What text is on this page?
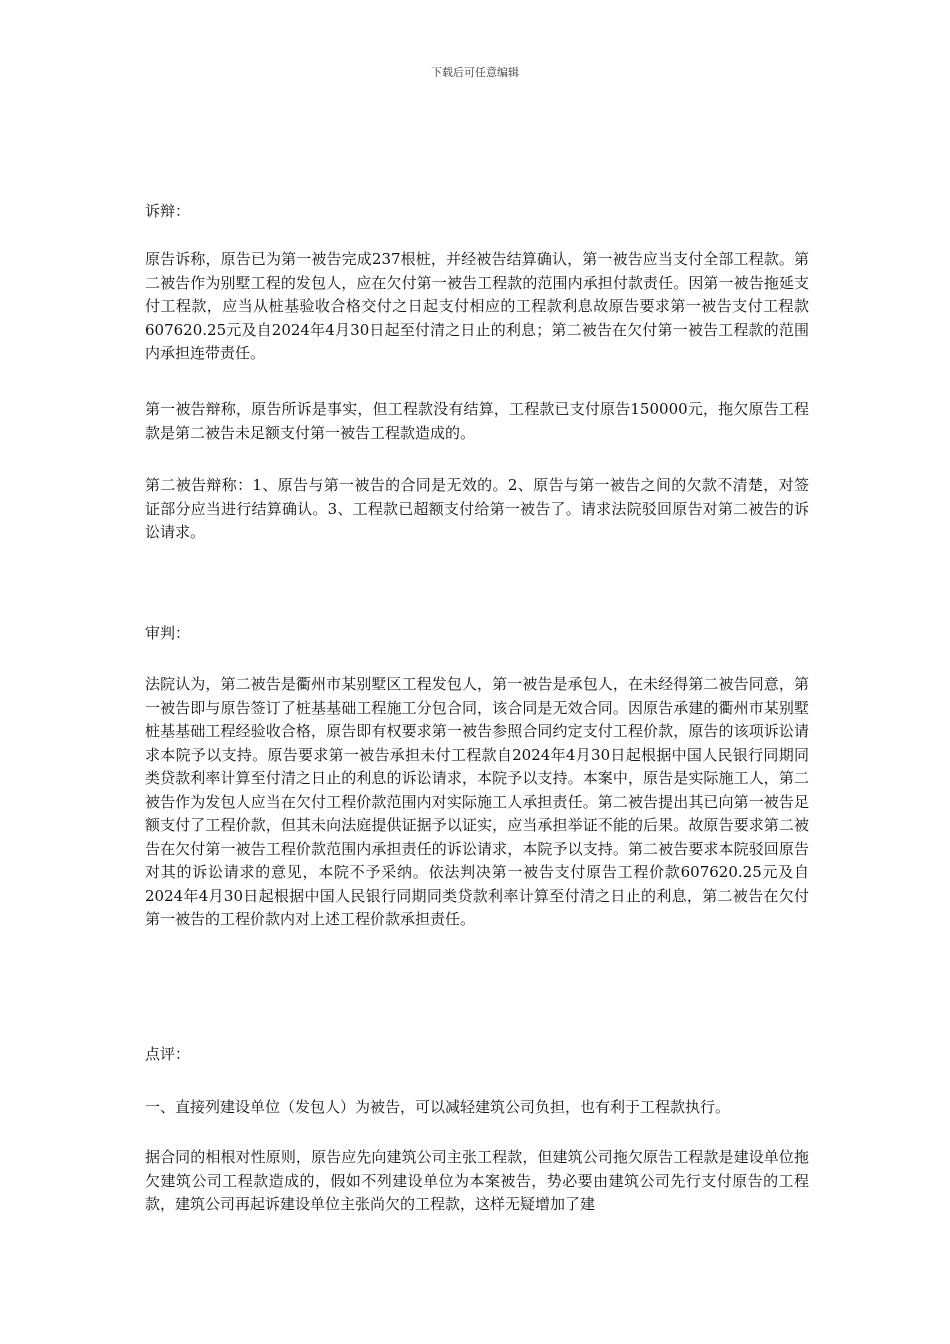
下载后可任意编辑
诉辩：

原告诉称，原告已为第一被告完成237根桩，并经被告结算确认，第一被告应当支付全部工程款。第二被告作为别墅工程的发包人，应在欠付第一被告工程款的范围内承担付款责任。因第一被告拖延支付工程款，应当从桩基验收合格交付之日起支付相应的工程款利息故原告要求第一被告支付工程款607620.25元及自2024年4月30日起至付清之日止的利息；第二被告在欠付第一被告工程款的范围内承担连带责任。

第一被告辩称，原告所诉是事实，但工程款没有结算，工程款已支付原告150000元，拖欠原告工程款是第二被告未足额支付第一被告工程款造成的。

第二被告辩称：1、原告与第一被告的合同是无效的。2、原告与第一被告之间的欠款不清楚，对签证部分应当进行结算确认。3、工程款已超额支付给第一被告了。请求法院驳回原告对第二被告的诉讼请求。

审判：

法院认为，第二被告是衢州市某别墅区工程发包人，第一被告是承包人，在未经得第二被告同意，第一被告即与原告签订了桩基基础工程施工分包合同，该合同是无效合同。因原告承建的衢州市某别墅桩基基础工程经验收合格，原告即有权要求第一被告参照合同约定支付工程价款，原告的该项诉讼请求本院予以支持。原告要求第一被告承担未付工程款自2024年4月30日起根据中国人民银行同期同类贷款利率计算至付清之日止的利息的诉讼请求，本院予以支持。本案中，原告是实际施工人，第二被告作为发包人应当在欠付工程价款范围内对实际施工人承担责任。第二被告提出其已向第一被告足额支付了工程价款，但其未向法庭提供证据予以证实，应当承担举证不能的后果。故原告要求第二被告在欠付第一被告工程价款范围内承担责任的诉讼请求，本院予以支持。第二被告要求本院驳回原告对其的诉讼请求的意见，本院不予采纳。依法判决第一被告支付原告工程价款607620.25元及自2024年4月30日起根据中国人民银行同期同类贷款利率计算至付清之日止的利息，第二被告在欠付第一被告的工程价款内对上述工程价款承担责任。

点评：

一、直接列建设单位（发包人）为被告，可以减轻建筑公司负担，也有利于工程款执行。

据合同的相根对性原则，原告应先向建筑公司主张工程款，但建筑公司拖欠原告工程款是建设单位拖欠建筑公司工程款造成的，假如不列建设单位为本案被告，势必要由建筑公司先行支付原告的工程款，建筑公司再起诉建设单位主张尚欠的工程款，这样无疑增加了建
